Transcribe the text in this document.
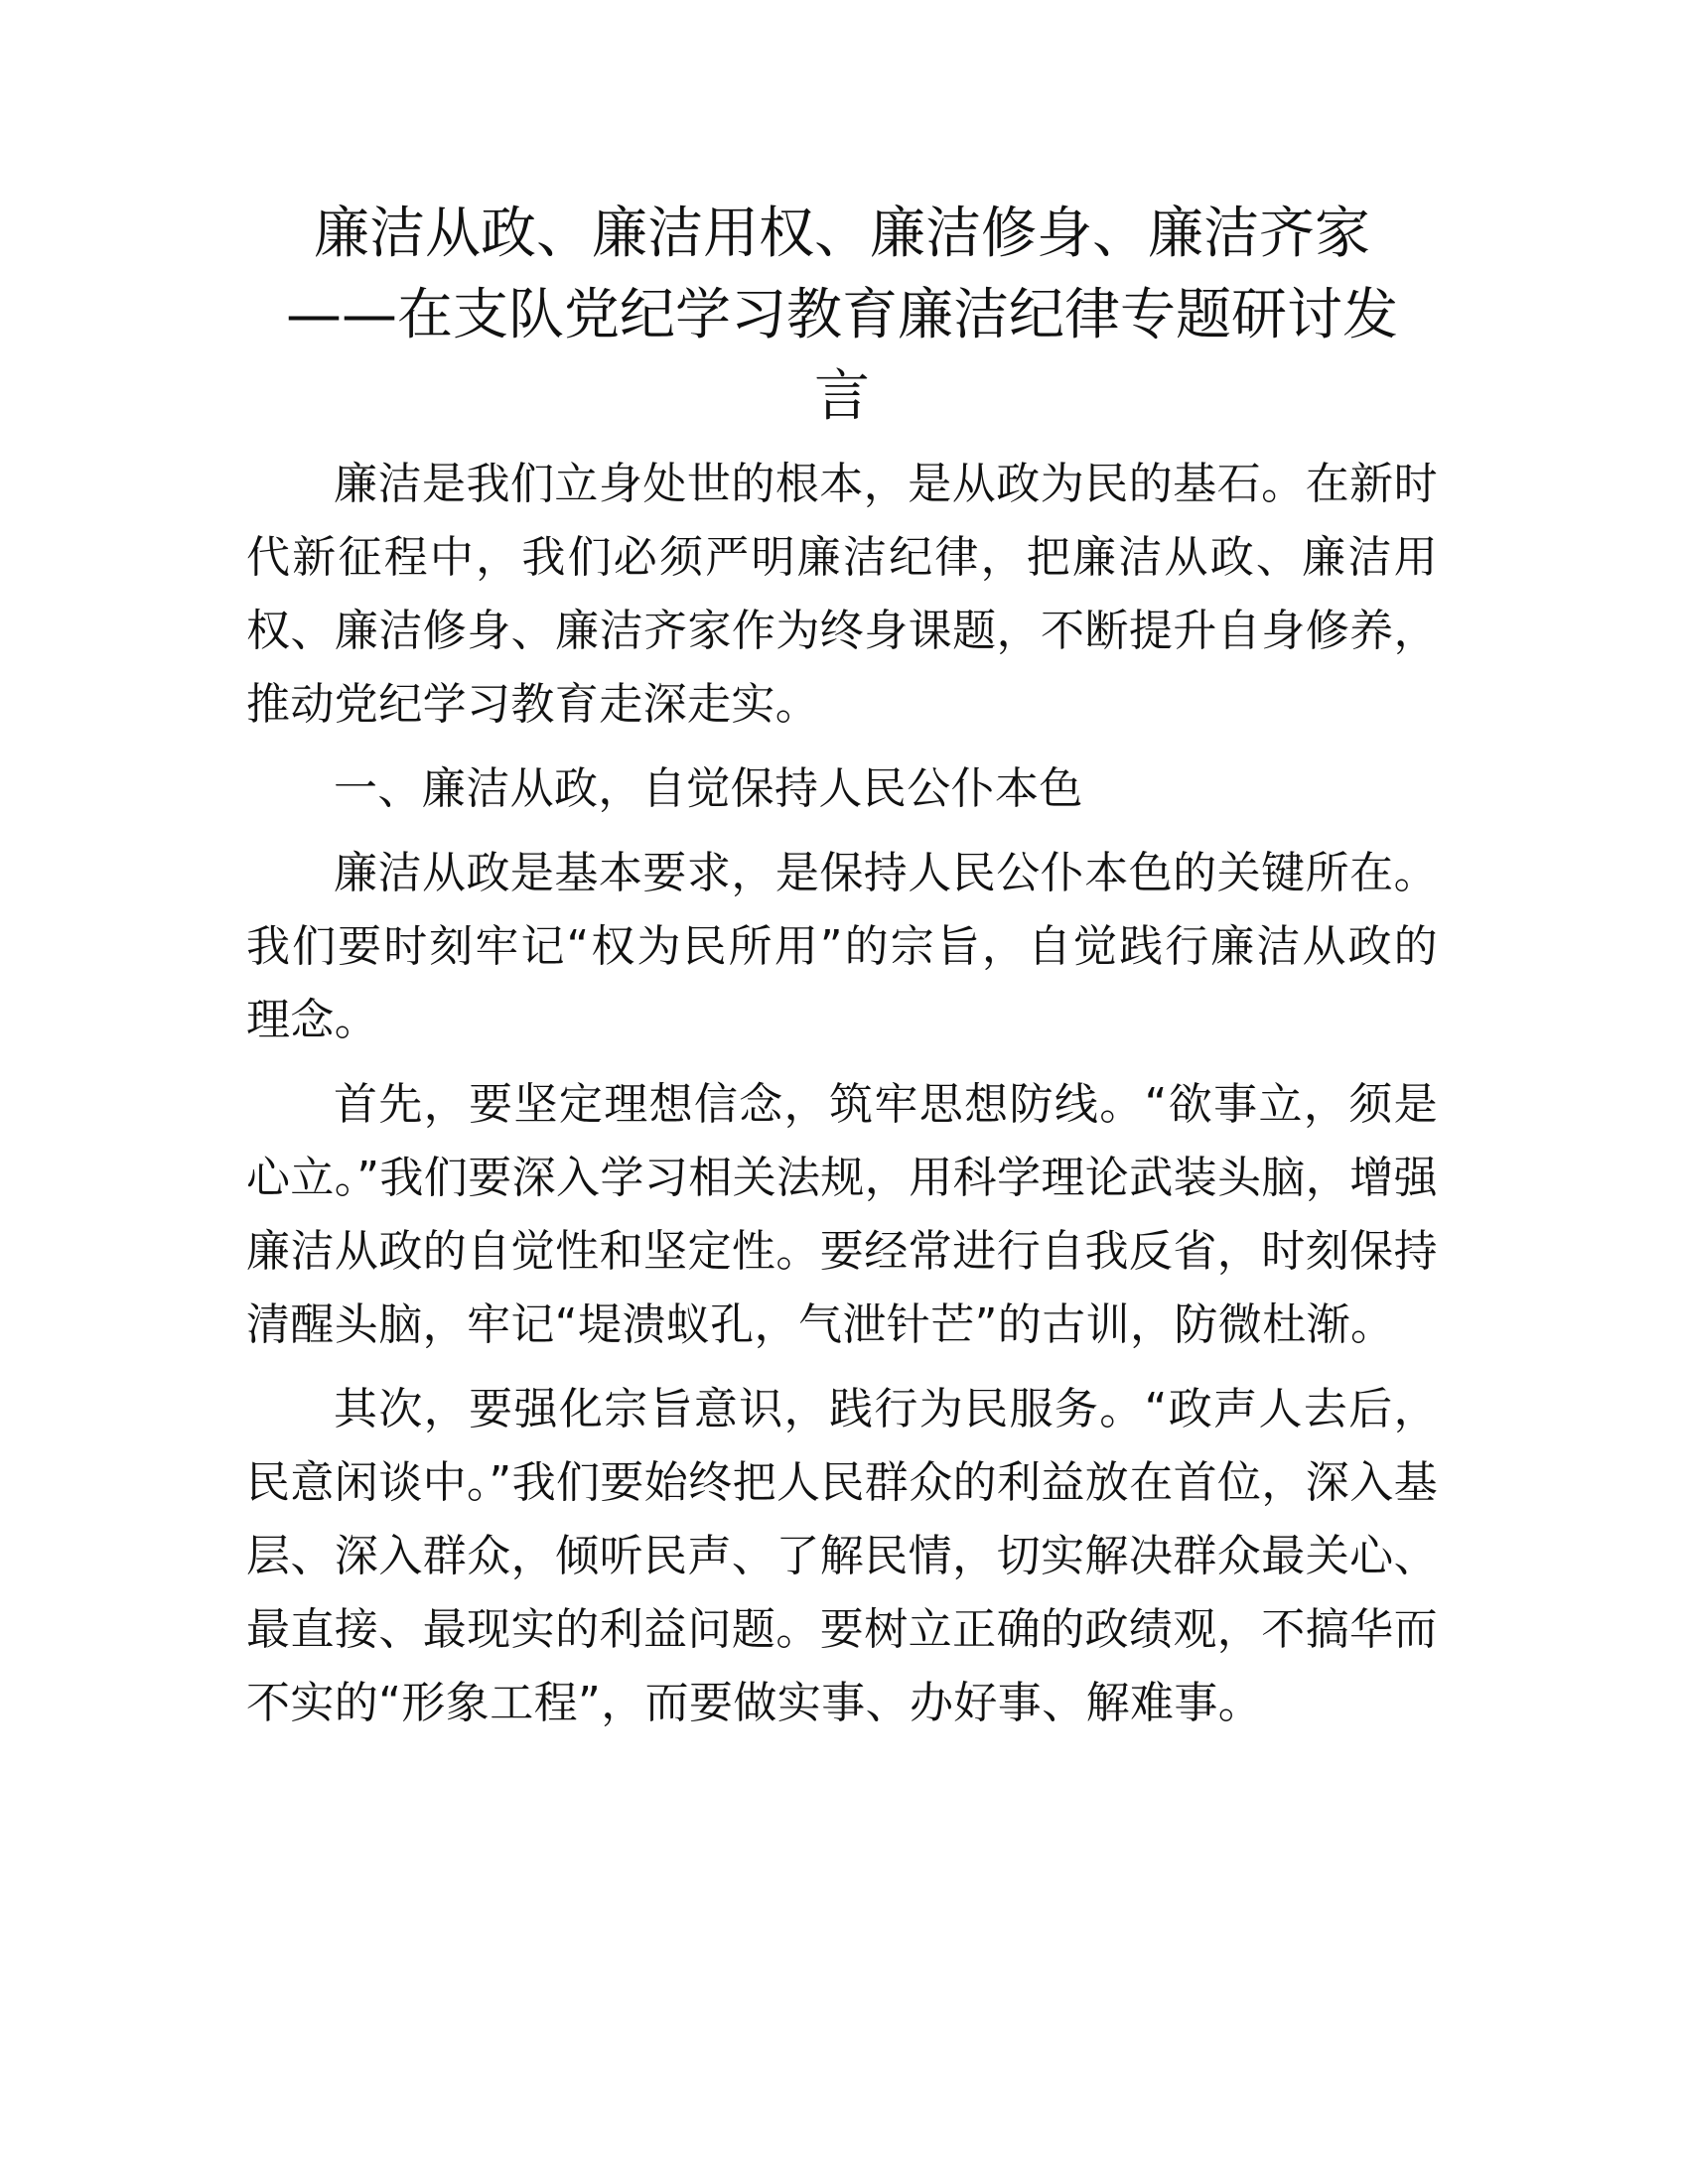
廉洁从政、廉洁用权、廉洁修身、廉洁齐家
——在支队党纪学习教育廉洁纪律专题研讨发
言

廉洁是我们立身处世的根本，是从政为民的基石。在新时代新征程中，我们必须严明廉洁纪律，把廉洁从政、廉洁用权、廉洁修身、廉洁齐家作为终身课题，不断提升自身修养，推动党纪学习教育走深走实。

一、廉洁从政，自觉保持人民公仆本色

廉洁从政是基本要求，是保持人民公仆本色的关键所在。我们要时刻牢记“权为民所用”的宗旨，自觉践行廉洁从政的理念。

首先，要坚定理想信念，筑牢思想防线。“欲事立，须是心立。”我们要深入学习相关法规，用科学理论武装头脑，增强廉洁从政的自觉性和坚定性。要经常进行自我反省，时刻保持清醒头脑，牢记“堤溃蚁孔，气泄针芒”的古训，防微杜渐。

其次，要强化宗旨意识，践行为民服务。“政声人去后，民意闲谈中。”我们要始终把人民群众的利益放在首位，深入基层、深入群众，倾听民声、了解民情，切实解决群众最关心、最直接、最现实的利益问题。要树立正确的政绩观，不搞华而不实的“形象工程”，而要做实事、办好事、解难事。
